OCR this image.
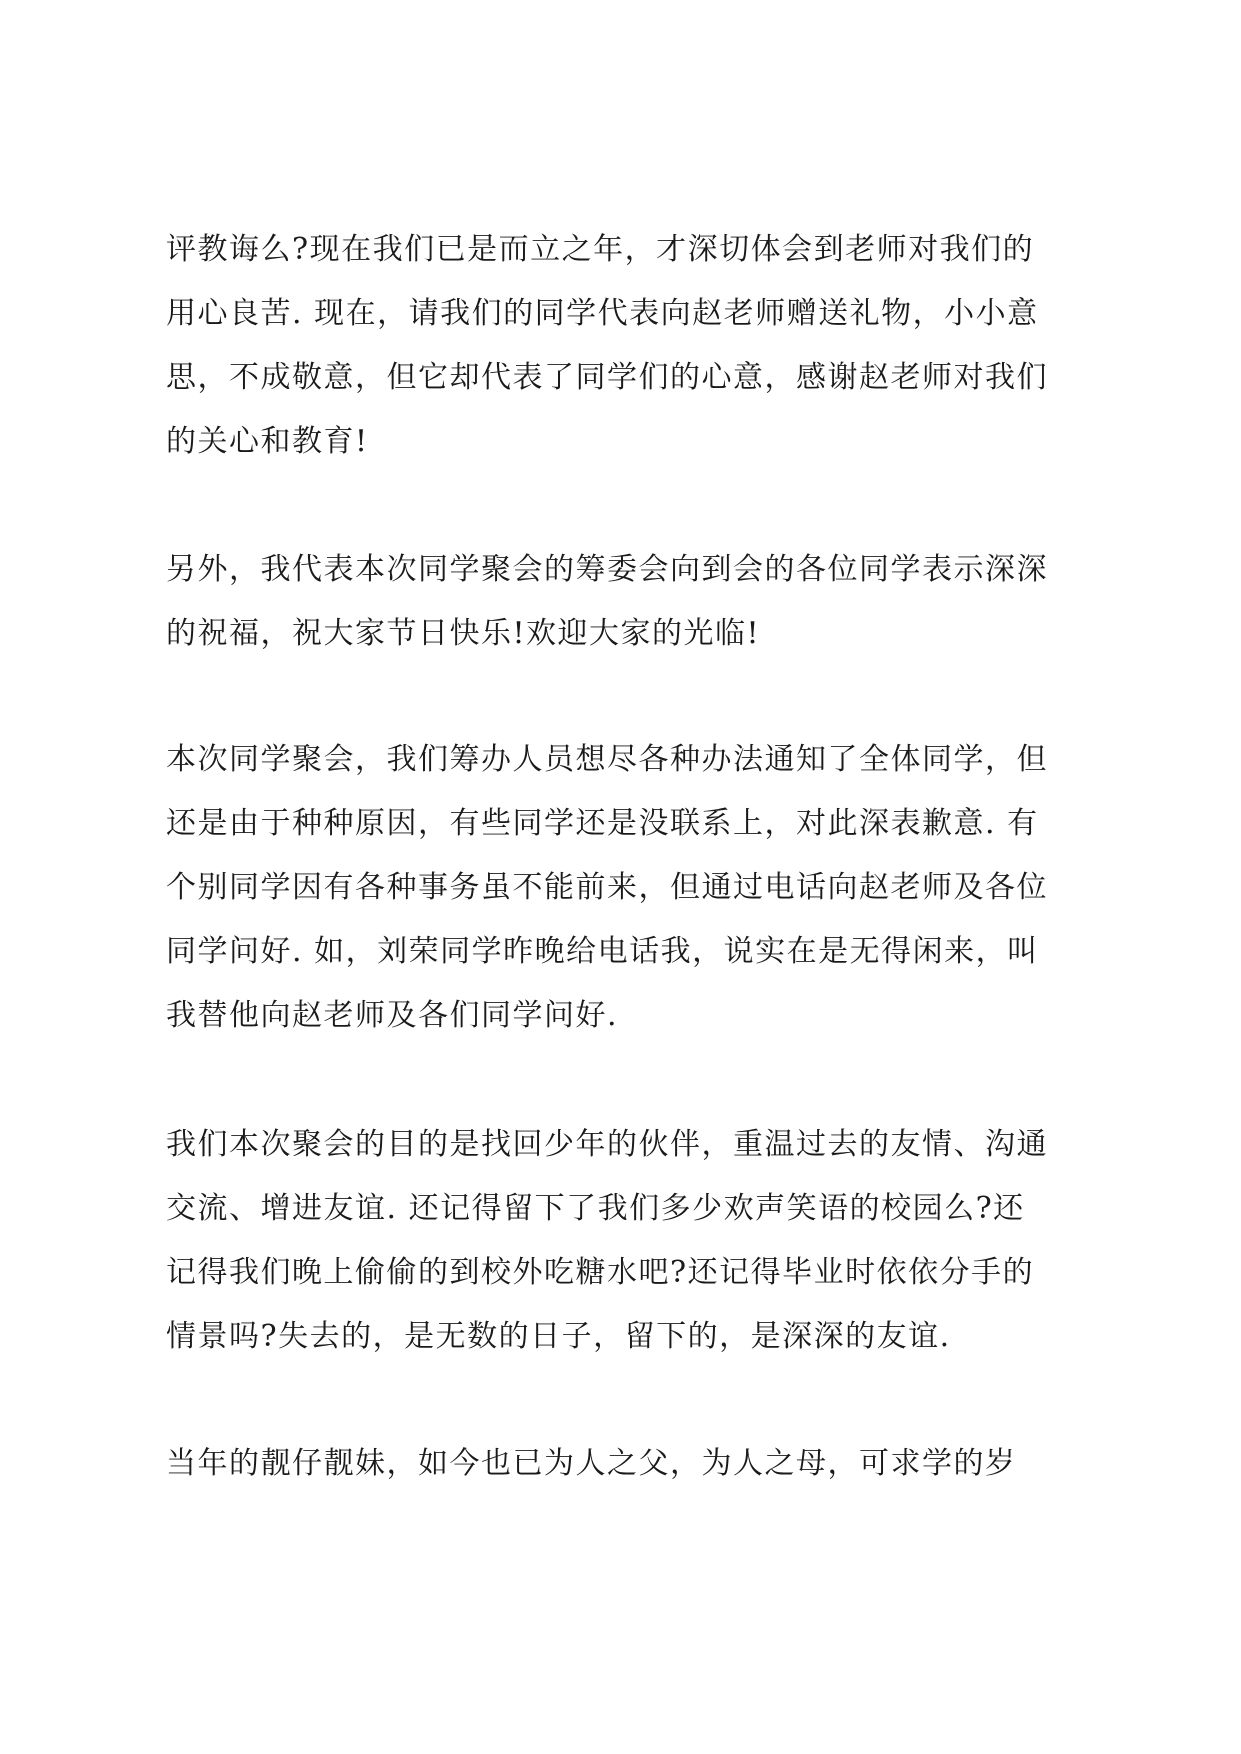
评教诲么?现在我们已是而立之年，才深切体会到老师对我们的
用心良苦. 现在，请我们的同学代表向赵老师赠送礼物，小小意
思，不成敬意，但它却代表了同学们的心意，感谢赵老师对我们
的关心和教育!
另外，我代表本次同学聚会的筹委会向到会的各位同学表示深深
的祝福，祝大家节日快乐!欢迎大家的光临!
本次同学聚会，我们筹办人员想尽各种办法通知了全体同学，但
还是由于种种原因，有些同学还是没联系上，对此深表歉意. 有
个别同学因有各种事务虽不能前来，但通过电话向赵老师及各位
同学问好. 如，刘荣同学昨晚给电话我，说实在是无得闲来，叫
我替他向赵老师及各们同学问好.
我们本次聚会的目的是找回少年的伙伴，重温过去的友情、沟通
交流、增进友谊. 还记得留下了我们多少欢声笑语的校园么?还
记得我们晚上偷偷的到校外吃糖水吧?还记得毕业时依依分手的
情景吗?失去的，是无数的日子，留下的，是深深的友谊.
当年的靓仔靓妹，如今也已为人之父，为人之母，可求学的岁
